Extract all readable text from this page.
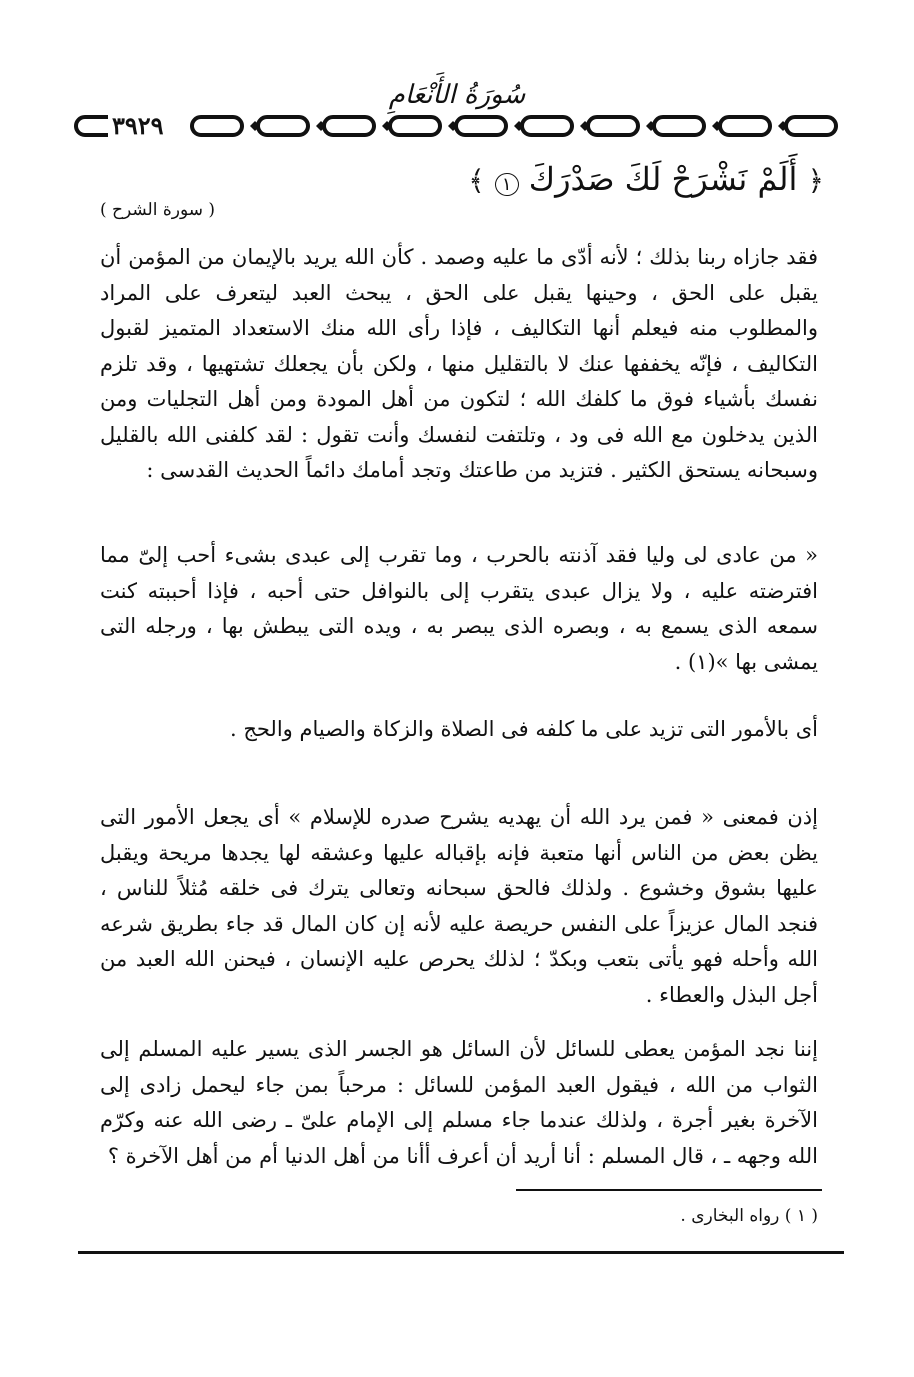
سُورَةُ الأَنْعَامِ
٣٩٢٩
﴿ أَلَمْ نَشْرَحْ لَكَ صَدْرَكَ ١ ﴾
( سورة الشرح )
فقد جازاه ربنا بذلك ؛ لأنه أدّى ما عليه وصمد . كأن الله يريد بالإيمان من المؤمن أن يقبل على الحق ، وحينها يقبل على الحق ، يبحث العبد ليتعرف على المراد والمطلوب منه فيعلم أنها التكاليف ، فإذا رأى الله منك الاستعداد المتميز لقبول التكاليف ، فإنّه يخففها عنك لا بالتقليل منها ، ولكن بأن يجعلك تشتهيها ، وقد تلزم نفسك بأشياء فوق ما كلفك الله ؛ لتكون من أهل المودة ومن أهل التجليات ومن الذين يدخلون مع الله فى ود ، وتلتفت لنفسك وأنت تقول : لقد كلفنى الله بالقليل وسبحانه يستحق الكثير . فتزيد من طاعتك وتجد أمامك دائماً الحديث القدسى :
« من عادى لى وليا فقد آذنته بالحرب ، وما تقرب إلى عبدى بشىء أحب إلىّ مما افترضته عليه ، ولا يزال عبدى يتقرب إلى بالنوافل حتى أحبه ، فإذا أحببته كنت سمعه الذى يسمع به ، وبصره الذى يبصر به ، ويده التى يبطش بها ، ورجله التى يمشى بها »(١) .
أى بالأمور التى تزيد على ما كلفه فى الصلاة والزكاة والصيام والحج .
إذن فمعنى « فمن يرد الله أن يهديه يشرح صدره للإسلام » أى يجعل الأمور التى يظن بعض من الناس أنها متعبة فإنه بإقباله عليها وعشقه لها يجدها مريحة ويقبل عليها بشوق وخشوع . ولذلك فالحق سبحانه وتعالى يترك فى خلقه مُثلاً للناس ، فنجد المال عزيزاً على النفس حريصة عليه لأنه إن كان المال قد جاء بطريق شرعه الله وأحله فهو يأتى بتعب وبكدّ ؛ لذلك يحرص عليه الإنسان ، فيحنن الله العبد من أجل البذل والعطاء .
إننا نجد المؤمن يعطى للسائل لأن السائل هو الجسر الذى يسير عليه المسلم إلى الثواب من الله ، فيقول العبد المؤمن للسائل : مرحباً بمن جاء ليحمل زادى إلى الآخرة بغير أجرة ، ولذلك عندما جاء مسلم إلى الإمام علىّ ـ رضى الله عنه وكرّم الله وجهه ـ ، قال المسلم : أنا أريد أن أعرف أأنا من أهل الدنيا أم من أهل الآخرة ؟
( ١ ) رواه البخارى .
